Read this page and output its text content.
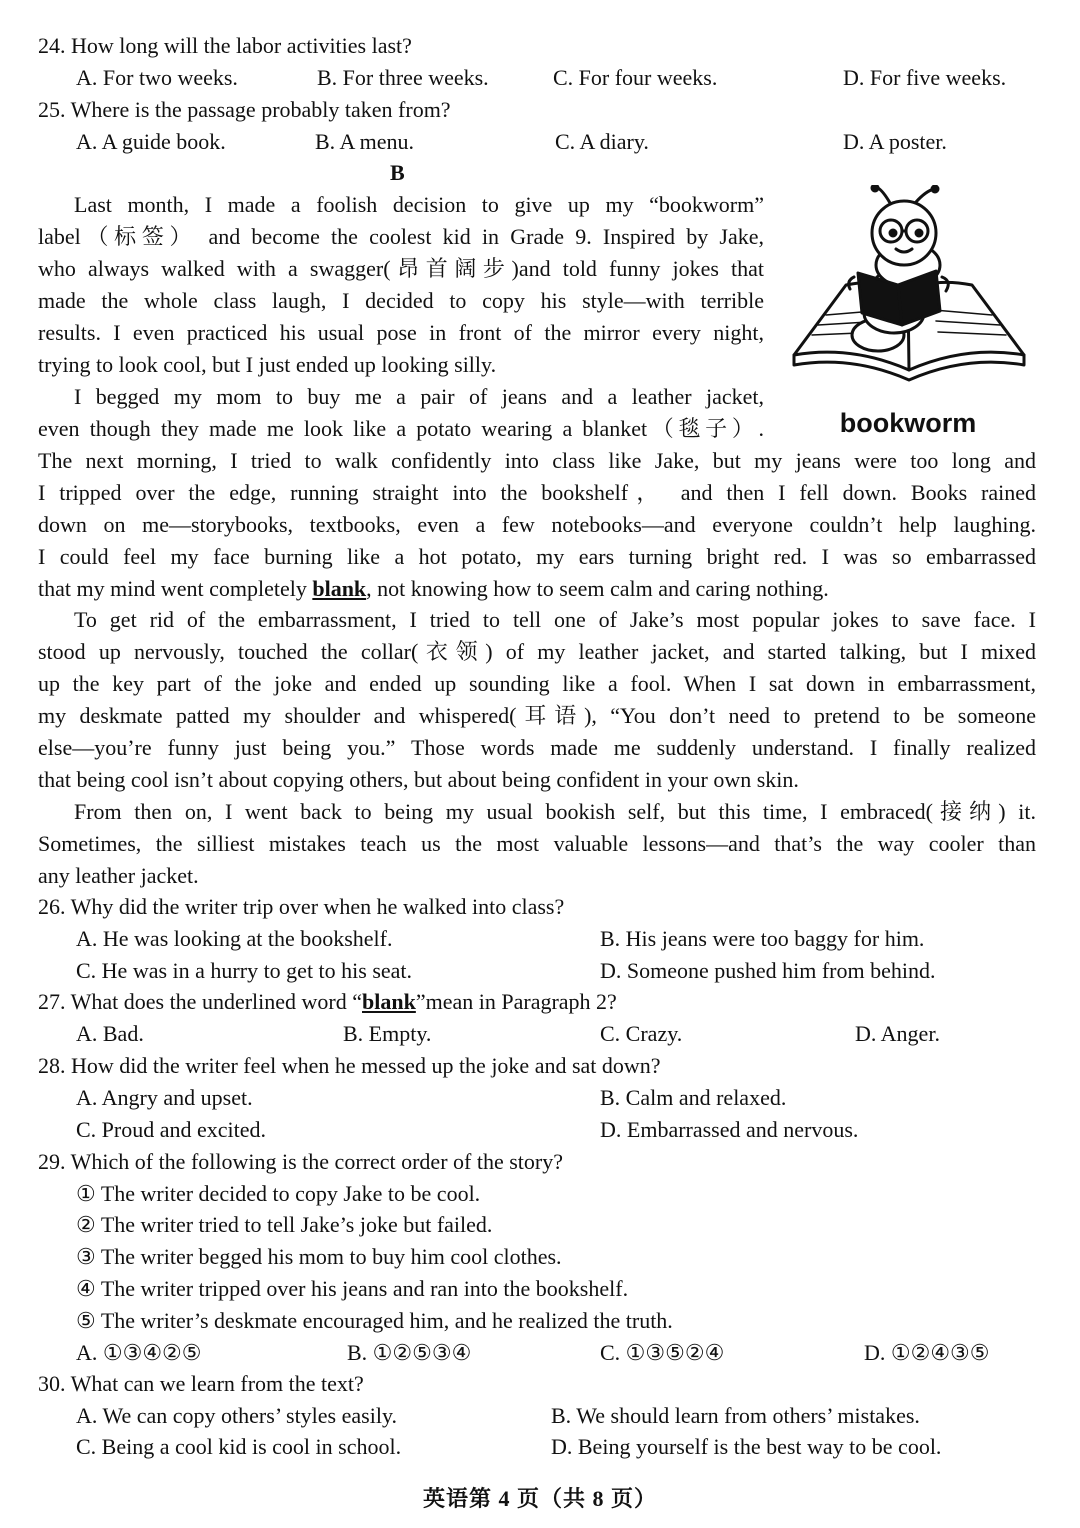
24. How long will the labor activities last?
A. For two weeks.	B. For three weeks.	C. For four weeks.	D. For five weeks.
25. Where is the passage probably taken from?
A. A guide book.	B. A menu.	C. A diary.	D. A poster.
B
bookworm
Last month, I made a foolish decision to give up my “bookworm”
label（标签） and become the coolest kid in Grade 9. Inspired by Jake,
who always walked with a swagger(昂首阔步)and told funny jokes that
made the whole class laugh, I decided to copy his style—with terrible
results. I even practiced his usual pose in front of the mirror every night,
trying to look cool, but I just ended up looking silly.
I begged my mom to buy me a pair of jeans and a leather jacket,
even though they made me look like a potato wearing a blanket（毯子）.
The next morning, I tried to walk confidently into class like Jake, but my jeans were too long and
I tripped over the edge, running straight into the bookshelf， and then I fell down. Books rained
down on me—storybooks, textbooks, even a few notebooks—and everyone couldn’t help laughing.
I could feel my face burning like a hot potato, my ears turning bright red. I was so embarrassed
that my mind went completely blank, not knowing how to seem calm and caring nothing.
To get rid of the embarrassment, I tried to tell one of Jake’s most popular jokes to save face. I
stood up nervously, touched the collar(衣领) of my leather jacket, and started talking, but I mixed
up the key part of the joke and ended up sounding like a fool. When I sat down in embarrassment,
my deskmate patted my shoulder and whispered(耳语), “You don’t need to pretend to be someone
else—you’re funny just being you.” Those words made me suddenly understand. I finally realized
that being cool isn’t about copying others, but about being confident in your own skin.
From then on, I went back to being my usual bookish self, but this time, I embraced(接纳) it.
Sometimes, the silliest mistakes teach us the most valuable lessons—and that’s the way cooler than
any leather jacket.
26. Why did the writer trip over when he walked into class?
A. He was looking at the bookshelf.	B. His jeans were too baggy for him.
C. He was in a hurry to get to his seat.	D. Someone pushed him from behind.
27. What does the underlined word “blank”mean in Paragraph 2?
A. Bad.	B. Empty.	C. Crazy.	D. Anger.
28. How did the writer feel when he messed up the joke and sat down?
A. Angry and upset.	B. Calm and relaxed.
C. Proud and excited.	D. Embarrassed and nervous.
29. Which of the following is the correct order of the story?
① The writer decided to copy Jake to be cool.
② The writer tried to tell Jake’s joke but failed.
③ The writer begged his mom to buy him cool clothes.
④ The writer tripped over his jeans and ran into the bookshelf.
⑤ The writer’s deskmate encouraged him, and he realized the truth.
A. ①③④②⑤	B. ①②⑤③④	C. ①③⑤②④	D. ①②④③⑤
30. What can we learn from the text?
A. We can copy others’ styles easily.	B. We should learn from others’ mistakes.
C. Being a cool kid is cool in school.	D. Being yourself is the best way to be cool.
英语第 4 页（共 8 页）
